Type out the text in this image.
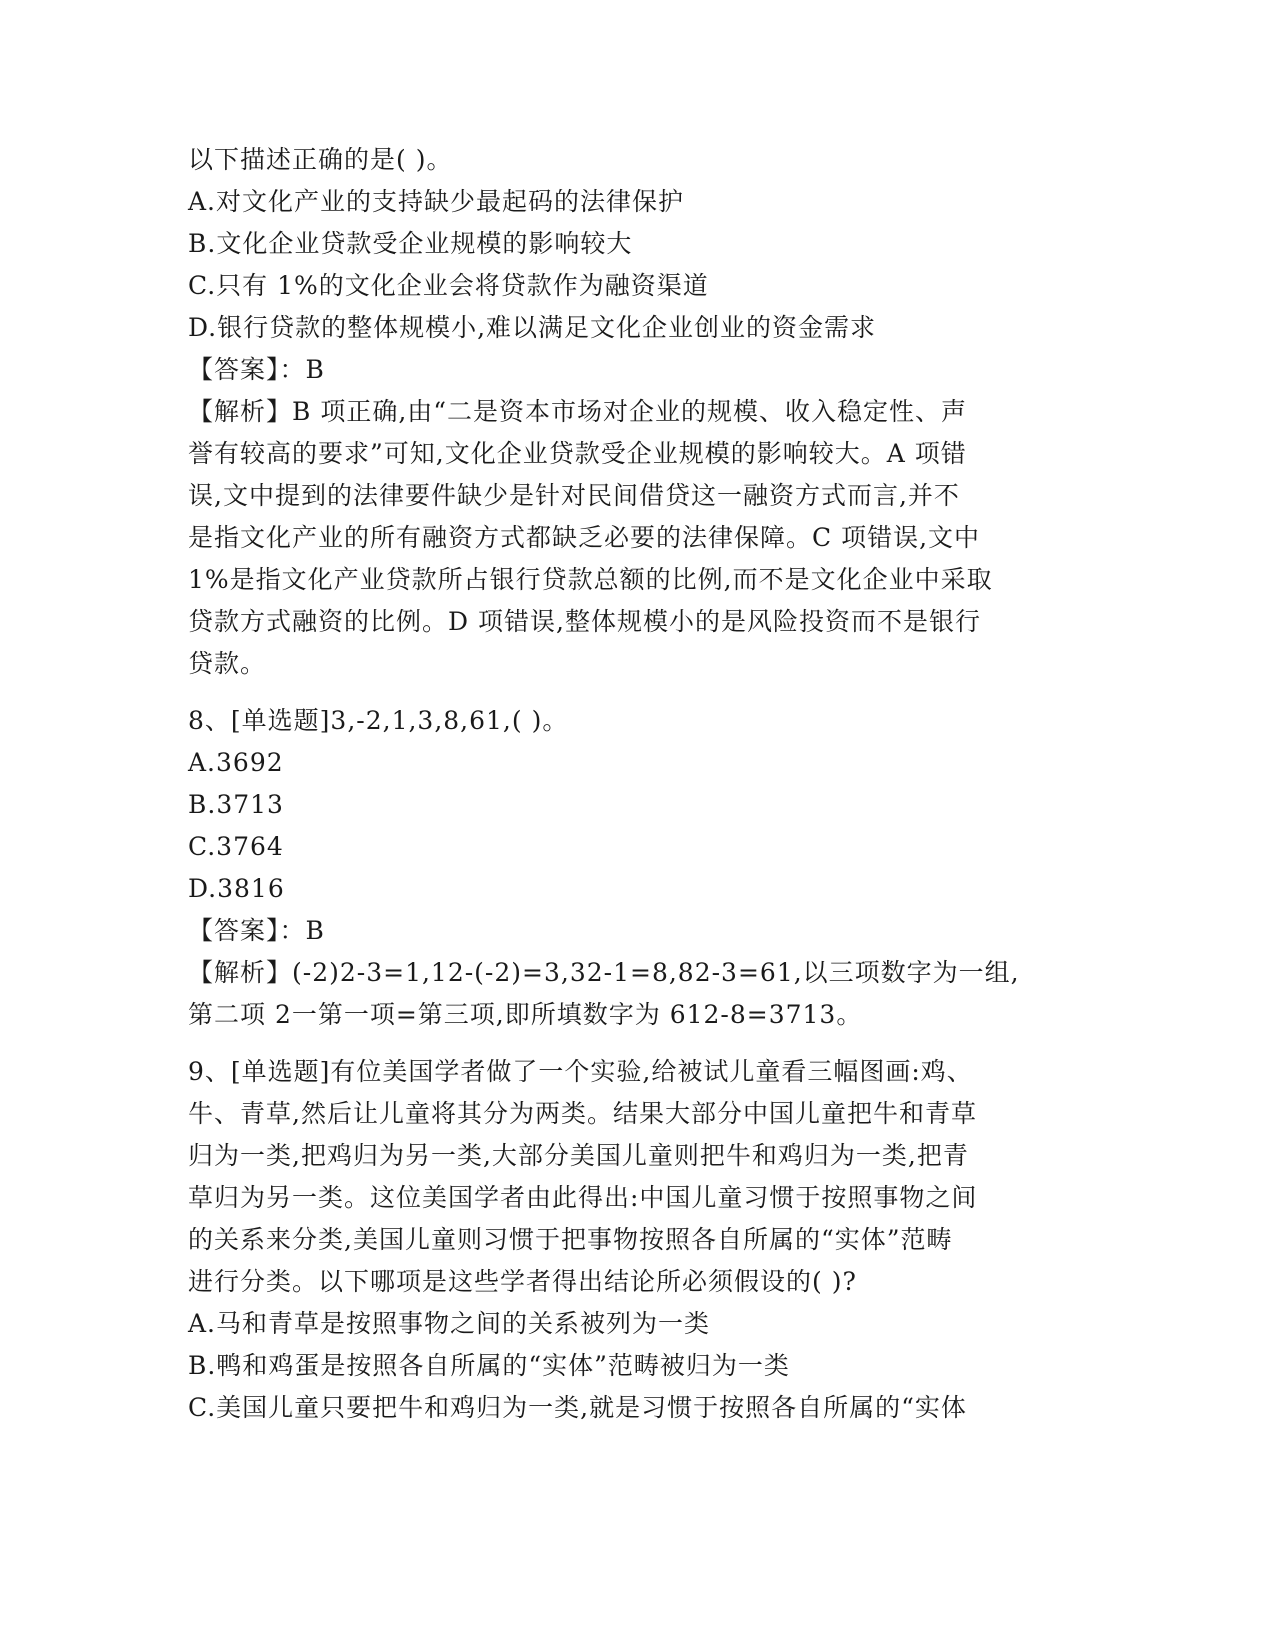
以下描述正确的是( )。
A.对文化产业的支持缺少最起码的法律保护
B.文化企业贷款受企业规模的影响较大
C.只有 1%的文化企业会将贷款作为融资渠道
D.银行贷款的整体规模小,难以满足文化企业创业的资金需求
【答案】：B
【解析】B 项正确,由“二是资本市场对企业的规模、收入稳定性、声
誉有较高的要求”可知,文化企业贷款受企业规模的影响较大。A 项错
误,文中提到的法律要件缺少是针对民间借贷这一融资方式而言,并不
是指文化产业的所有融资方式都缺乏必要的法律保障。C 项错误,文中
1%是指文化产业贷款所占银行贷款总额的比例,而不是文化企业中采取
贷款方式融资的比例。D 项错误,整体规模小的是风险投资而不是银行
贷款。
8、[单选题]3,-2,1,3,8,61,( )。
A.3692
B.3713
C.3764
D.3816
【答案】：B
【解析】(-2)2-3=1,12-(-2)=3,32-1=8,82-3=61,以三项数字为一组,
第二项 2一第一项=第三项,即所填数字为 612-8=3713。
9、[单选题]有位美国学者做了一个实验,给被试儿童看三幅图画:鸡、
牛、青草,然后让儿童将其分为两类。结果大部分中国儿童把牛和青草
归为一类,把鸡归为另一类,大部分美国儿童则把牛和鸡归为一类,把青
草归为另一类。这位美国学者由此得出:中国儿童习惯于按照事物之间
的关系来分类,美国儿童则习惯于把事物按照各自所属的“实体”范畴
进行分类。以下哪项是这些学者得出结论所必须假设的( )?
A.马和青草是按照事物之间的关系被列为一类
B.鸭和鸡蛋是按照各自所属的“实体”范畴被归为一类
C.美国儿童只要把牛和鸡归为一类,就是习惯于按照各自所属的“实体
